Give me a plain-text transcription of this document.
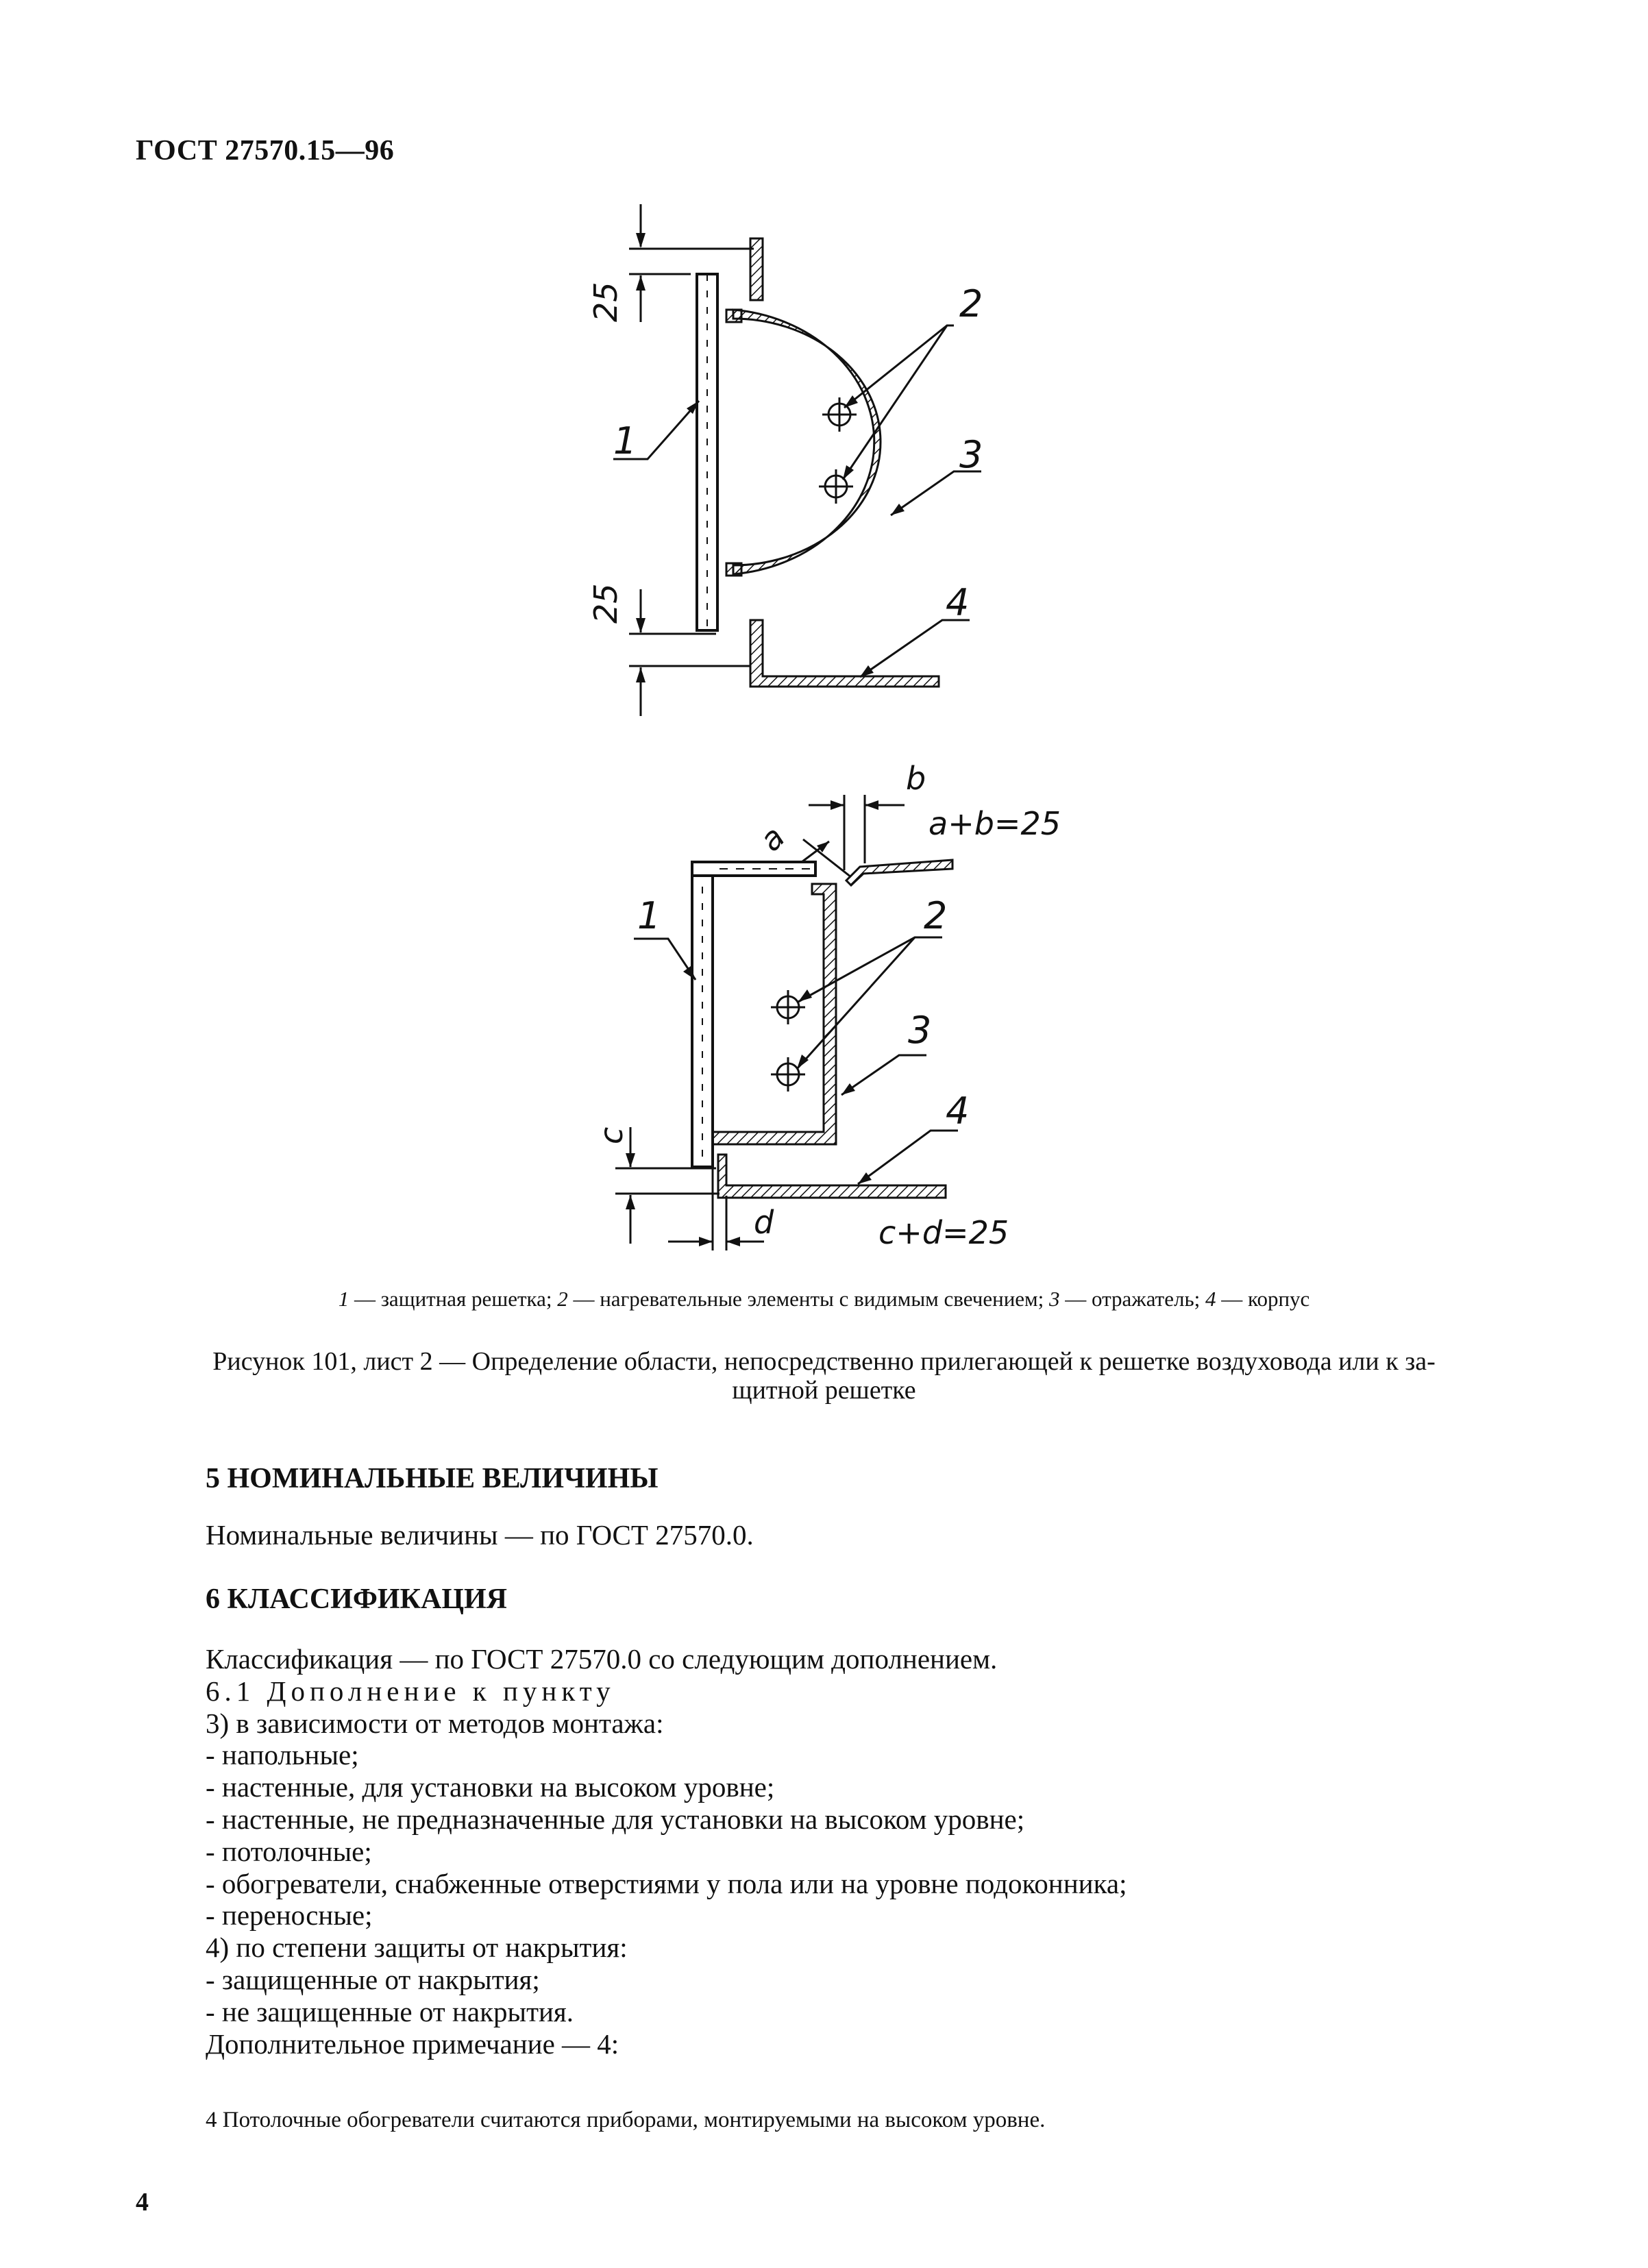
ГОСТ 27570.15—96
25
25
1
2
3
4
a
b
a+b=25
c
d	c+d=25
1	2
3
4
1 — защитная решетка; 2 — нагревательные элементы с видимым свечением; 3 — отражатель; 4 — корпус
Рисунок 101, лист 2 — Определение области, непосредственно прилегающей к решетке воздуховода или к за-
щитной решетке
5 НОМИНАЛЬНЫЕ ВЕЛИЧИНЫ
Номинальные величины — по ГОСТ 27570.0.
6 КЛАССИФИКАЦИЯ
Классификация — по ГОСТ 27570.0 со следующим дополнением.
6.1 Дополнение к пункту
3) в зависимости от методов монтажа:
- напольные;
- настенные, для установки на высоком уровне;
- настенные, не предназначенные для установки на высоком уровне;
- потолочные;
- обогреватели, снабженные отверстиями у пола или на уровне подоконника;
- переносные;
4) по степени защиты от накрытия:
- защищенные от накрытия;
- не защищенные от накрытия.
Дополнительное примечание — 4:
4 Потолочные обогреватели считаются приборами, монтируемыми на высоком уровне.
4
